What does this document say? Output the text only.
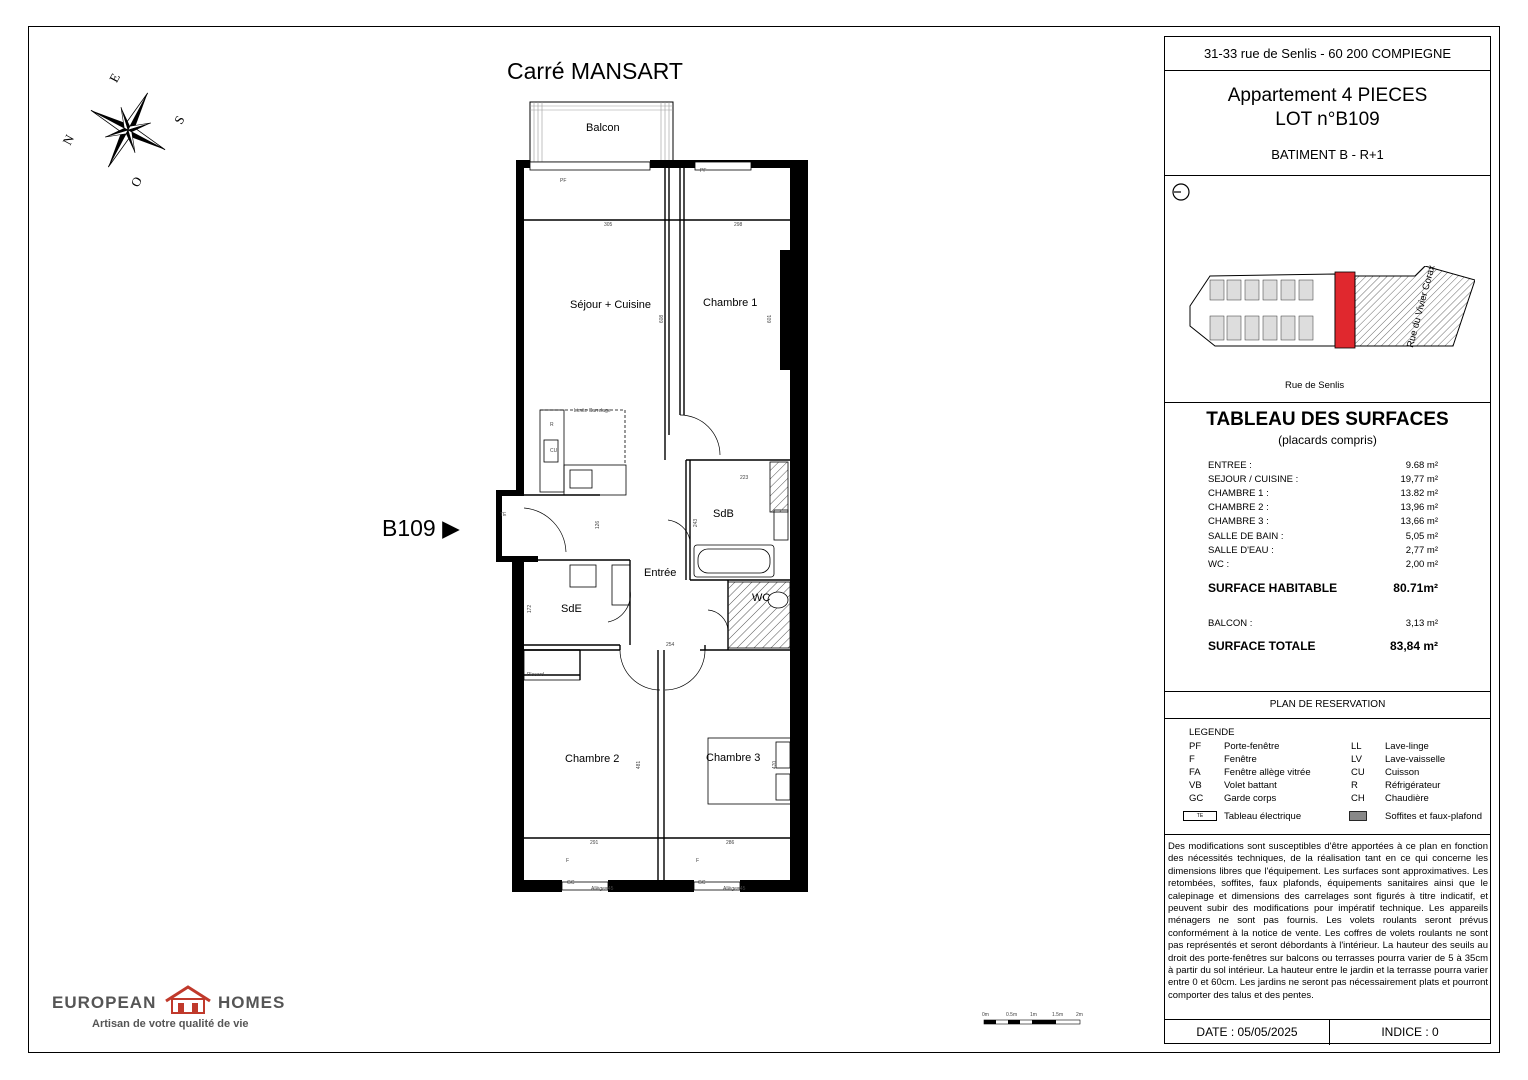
E
N
S
O
Carré MANSART
B109 ▶
Balcon
Séjour + Cuisine	Chambre 1
SdB
Entrée
SdE
WC
Chambre 2	Chambre 3
Limite Carrelage
Placard
Allège=45	Allège=45
GC	GC
F	F
PF
PF
CU
R
TE
305	298
608	601
126	243
223
172
254
481	470
291	286
EUROPEAN	HOMES
Artisan de votre qualité de vie
0m	0.5m	1m	1.5m	2m
31-33 rue de Senlis - 60 200 COMPIEGNE
Appartement 4 PIECES
LOT n°B109
BATIMENT B - R+1
Rue de Senlis
Rue du Vivier Corax
TABLEAU DES SURFACES
(placards compris)
ENTREE :	9.68 m²
SEJOUR / CUISINE :	19,77 m²
CHAMBRE 1 :	13.82 m²
CHAMBRE 2 :	13,96 m²
CHAMBRE 3 :	13,66 m²
SALLE DE BAIN :	5,05 m²
SALLE D'EAU :	2,77 m²
WC :	2,00 m²
SURFACE HABITABLE	80.71m²
BALCON :	3,13 m²
SURFACE TOTALE	83,84 m²
PLAN DE RESERVATION
LEGENDE
PF Porte-fenêtre
F	Fenêtre
FA Fenêtre allège vitrée
VB Volet battant
GC Garde corps
TE	Tableau électrique
LL Lave-linge
LV Lave-vaisselle
CU Cuisson
R	Réfrigérateur
CH Chaudière
Soffites et faux-plafond
Des modifications sont susceptibles d'être apportées à ce plan en fonction des nécessités techniques, de la réalisation tant en ce qui concerne les dimensions libres que l'équipement. Les surfaces sont approximatives. Les retombées, soffites, faux plafonds, équipements sanitaires ainsi que le calepinage et dimensions des carrelages sont figurés à titre indicatif, et peuvent subir des modifications pour impératif technique. Les appareils ménagers ne sont pas fournis. Les volets roulants seront prévus conformément à la notice de vente. Les coffres de volets roulants ne sont pas représentés et seront débordants à l'intérieur. La hauteur des seuils au droit des porte-fenêtres sur balcons ou terrasses pourra varier de 5 à 35cm à partir du sol intérieur. La hauteur entre le jardin et la terrasse pourra varier entre 0 et 60cm. Les jardins ne seront pas nécessairement plats et pourront comporter des talus et des pentes.
DATE : 05/05/2025	INDICE : 0
